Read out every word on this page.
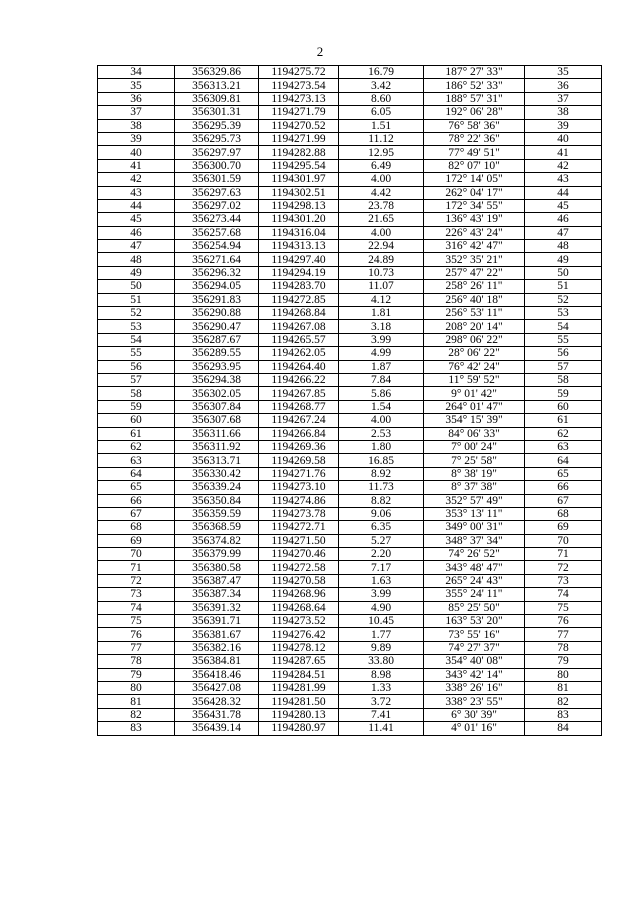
2
34	356329.86	1194275.72	16.79	187° 27' 33"	35
35	356313.21	1194273.54	3.42	186° 52' 33"	36
36	356309.81	1194273.13	8.60	188° 57' 31"	37
37	356301.31	1194271.79	6.05	192° 06' 28"	38
38	356295.39	1194270.52	1.51	76° 58' 36"	39
39	356295.73	1194271.99	11.12	78° 22' 36"	40
40	356297.97	1194282.88	12.95	77° 49' 51"	41
41	356300.70	1194295.54	6.49	82° 07' 10"	42
42	356301.59	1194301.97	4.00	172° 14' 05"	43
43	356297.63	1194302.51	4.42	262° 04' 17"	44
44	356297.02	1194298.13	23.78	172° 34' 55"	45
45	356273.44	1194301.20	21.65	136° 43' 19"	46
46	356257.68	1194316.04	4.00	226° 43' 24"	47
47	356254.94	1194313.13	22.94	316° 42' 47"	48
48	356271.64	1194297.40	24.89	352° 35' 21"	49
49	356296.32	1194294.19	10.73	257° 47' 22"	50
50	356294.05	1194283.70	11.07	258° 26' 11"	51
51	356291.83	1194272.85	4.12	256° 40' 18"	52
52	356290.88	1194268.84	1.81	256° 53' 11"	53
53	356290.47	1194267.08	3.18	208° 20' 14"	54
54	356287.67	1194265.57	3.99	298° 06' 22"	55
55	356289.55	1194262.05	4.99	28° 06' 22"	56
56	356293.95	1194264.40	1.87	76° 42' 24"	57
57	356294.38	1194266.22	7.84	11° 59' 52"	58
58	356302.05	1194267.85	5.86	9° 01' 42"	59
59	356307.84	1194268.77	1.54	264° 01' 47"	60
60	356307.68	1194267.24	4.00	354° 15' 39"	61
61	356311.66	1194266.84	2.53	84° 06' 33"	62
62	356311.92	1194269.36	1.80	7° 00' 24"	63
63	356313.71	1194269.58	16.85	7° 25' 58"	64
64	356330.42	1194271.76	8.92	8° 38' 19"	65
65	356339.24	1194273.10	11.73	8° 37' 38"	66
66	356350.84	1194274.86	8.82	352° 57' 49"	67
67	356359.59	1194273.78	9.06	353° 13' 11"	68
68	356368.59	1194272.71	6.35	349° 00' 31"	69
69	356374.82	1194271.50	5.27	348° 37' 34"	70
70	356379.99	1194270.46	2.20	74° 26' 52"	71
71	356380.58	1194272.58	7.17	343° 48' 47"	72
72	356387.47	1194270.58	1.63	265° 24' 43"	73
73	356387.34	1194268.96	3.99	355° 24' 11"	74
74	356391.32	1194268.64	4.90	85° 25' 50"	75
75	356391.71	1194273.52	10.45	163° 53' 20"	76
76	356381.67	1194276.42	1.77	73° 55' 16"	77
77	356382.16	1194278.12	9.89	74° 27' 37"	78
78	356384.81	1194287.65	33.80	354° 40' 08"	79
79	356418.46	1194284.51	8.98	343° 42' 14"	80
80	356427.08	1194281.99	1.33	338° 26' 16"	81
81	356428.32	1194281.50	3.72	338° 23' 55"	82
82	356431.78	1194280.13	7.41	6° 30' 39"	83
83	356439.14	1194280.97	11.41	4° 01' 16"	84
